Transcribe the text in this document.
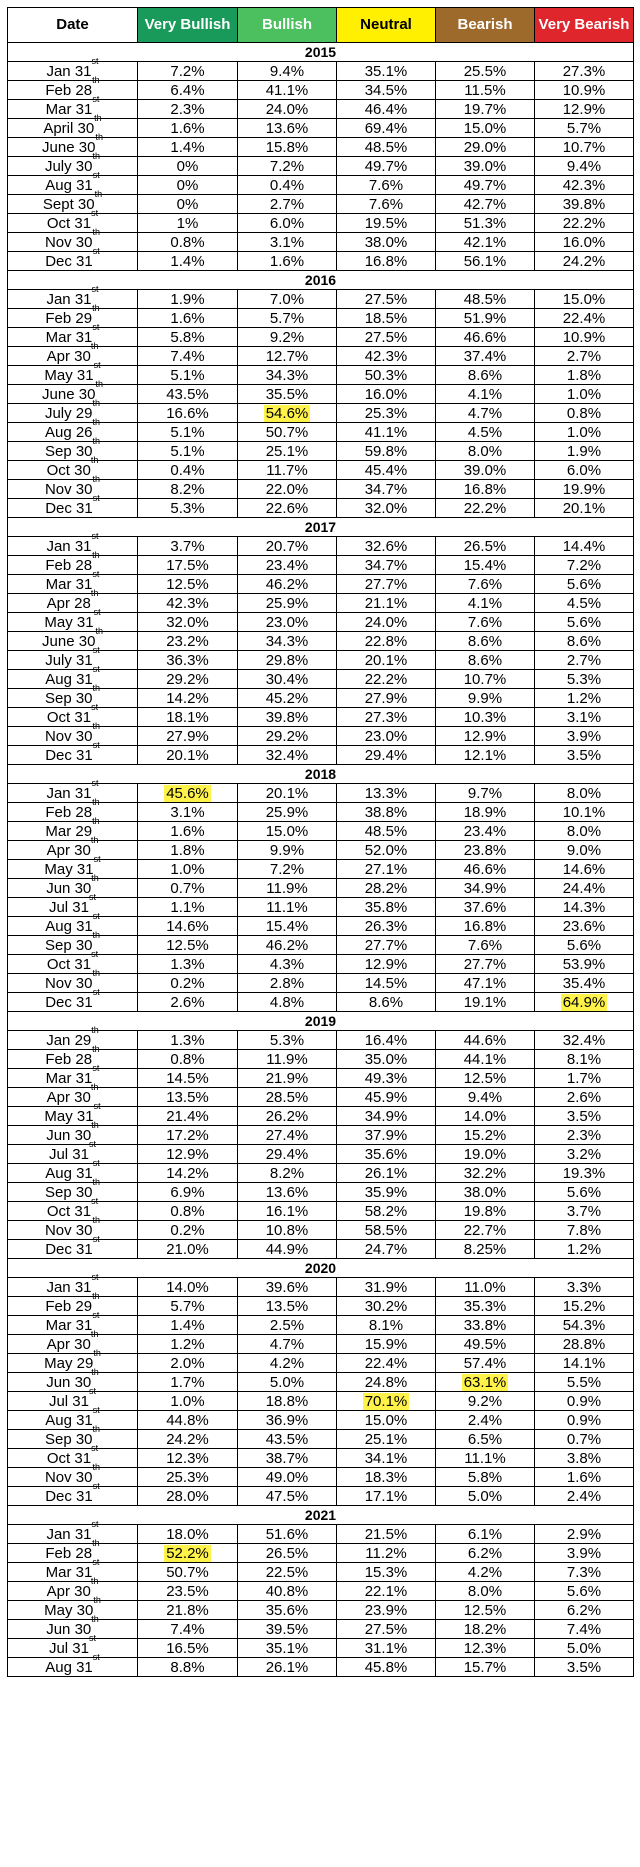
Date	Very Bullish	Bullish	Neutral	Bearish	Very Bearish
2015					
Jan 31st	7.2%	9.4%	35.1%	25.5%	27.3%
Feb 28th	6.4%	41.1%	34.5%	11.5%	10.9%
Mar 31st	2.3%	24.0%	46.4%	19.7%	12.9%
April 30th	1.6%	13.6%	69.4%	15.0%	5.7%
June 30th	1.4%	15.8%	48.5%	29.0%	10.7%
July 30th	0%	7.2%	49.7%	39.0%	9.4%
Aug 31st	0%	0.4%	7.6%	49.7%	42.3%
Sept 30th	0%	2.7%	7.6%	42.7%	39.8%
Oct 31st	1%	6.0%	19.5%	51.3%	22.2%
Nov 30th	0.8%	3.1%	38.0%	42.1%	16.0%
Dec 31st	1.4%	1.6%	16.8%	56.1%	24.2%
2016					
Jan 31st	1.9%	7.0%	27.5%	48.5%	15.0%
Feb 29th	1.6%	5.7%	18.5%	51.9%	22.4%
Mar 31st	5.8%	9.2%	27.5%	46.6%	10.9%
Apr 30th	7.4%	12.7%	42.3%	37.4%	2.7%
May 31st	5.1%	34.3%	50.3%	8.6%	1.8%
June 30th	43.5%	35.5%	16.0%	4.1%	1.0%
July 29th	16.6%	54.6%	25.3%	4.7%	0.8%
Aug 26th	5.1%	50.7%	41.1%	4.5%	1.0%
Sep 30th	5.1%	25.1%	59.8%	8.0%	1.9%
Oct 30th	0.4%	11.7%	45.4%	39.0%	6.0%
Nov 30th	8.2%	22.0%	34.7%	16.8%	19.9%
Dec 31st	5.3%	22.6%	32.0%	22.2%	20.1%
2017					
Jan 31st	3.7%	20.7%	32.6%	26.5%	14.4%
Feb 28th	17.5%	23.4%	34.7%	15.4%	7.2%
Mar 31st	12.5%	46.2%	27.7%	7.6%	5.6%
Apr 28th	42.3%	25.9%	21.1%	4.1%	4.5%
May 31st	32.0%	23.0%	24.0%	7.6%	5.6%
June 30th	23.2%	34.3%	22.8%	8.6%	8.6%
July 31st	36.3%	29.8%	20.1%	8.6%	2.7%
Aug 31st	29.2%	30.4%	22.2%	10.7%	5.3%
Sep 30th	14.2%	45.2%	27.9%	9.9%	1.2%
Oct 31st	18.1%	39.8%	27.3%	10.3%	3.1%
Nov 30th	27.9%	29.2%	23.0%	12.9%	3.9%
Dec 31st	20.1%	32.4%	29.4%	12.1%	3.5%
2018					
Jan 31st	45.6%	20.1%	13.3%	9.7%	8.0%
Feb 28th	3.1%	25.9%	38.8%	18.9%	10.1%
Mar 29th	1.6%	15.0%	48.5%	23.4%	8.0%
Apr 30th	1.8%	9.9%	52.0%	23.8%	9.0%
May 31st	1.0%	7.2%	27.1%	46.6%	14.6%
Jun 30th	0.7%	11.9%	28.2%	34.9%	24.4%
Jul 31st	1.1%	11.1%	35.8%	37.6%	14.3%
Aug 31st	14.6%	15.4%	26.3%	16.8%	23.6%
Sep 30th	12.5%	46.2%	27.7%	7.6%	5.6%
Oct 31st	1.3%	4.3%	12.9%	27.7%	53.9%
Nov 30th	0.2%	2.8%	14.5%	47.1%	35.4%
Dec 31st	2.6%	4.8%	8.6%	19.1%	64.9%
2019					
Jan 29th	1.3%	5.3%	16.4%	44.6%	32.4%
Feb 28th	0.8%	11.9%	35.0%	44.1%	8.1%
Mar 31st	14.5%	21.9%	49.3%	12.5%	1.7%
Apr 30th	13.5%	28.5%	45.9%	9.4%	2.6%
May 31st	21.4%	26.2%	34.9%	14.0%	3.5%
Jun 30th	17.2%	27.4%	37.9%	15.2%	2.3%
Jul 31st	12.9%	29.4%	35.6%	19.0%	3.2%
Aug 31st	14.2%	8.2%	26.1%	32.2%	19.3%
Sep 30th	6.9%	13.6%	35.9%	38.0%	5.6%
Oct 31st	0.8%	16.1%	58.2%	19.8%	3.7%
Nov 30th	0.2%	10.8%	58.5%	22.7%	7.8%
Dec 31st	21.0%	44.9%	24.7%	8.25%	1.2%
2020					
Jan 31st	14.0%	39.6%	31.9%	11.0%	3.3%
Feb 29th	5.7%	13.5%	30.2%	35.3%	15.2%
Mar 31st	1.4%	2.5%	8.1%	33.8%	54.3%
Apr 30th	1.2%	4.7%	15.9%	49.5%	28.8%
May 29th	2.0%	4.2%	22.4%	57.4%	14.1%
Jun 30th	1.7%	5.0%	24.8%	63.1%	5.5%
Jul 31st	1.0%	18.8%	70.1%	9.2%	0.9%
Aug 31st	44.8%	36.9%	15.0%	2.4%	0.9%
Sep 30th	24.2%	43.5%	25.1%	6.5%	0.7%
Oct 31st	12.3%	38.7%	34.1%	11.1%	3.8%
Nov 30th	25.3%	49.0%	18.3%	5.8%	1.6%
Dec 31st	28.0%	47.5%	17.1%	5.0%	2.4%
2021					
Jan 31st	18.0%	51.6%	21.5%	6.1%	2.9%
Feb 28th	52.2%	26.5%	11.2%	6.2%	3.9%
Mar 31st	50.7%	22.5%	15.3%	4.2%	7.3%
Apr 30th	23.5%	40.8%	22.1%	8.0%	5.6%
May 30th	21.8%	35.6%	23.9%	12.5%	6.2%
Jun 30th	7.4%	39.5%	27.5%	18.2%	7.4%
Jul 31st	16.5%	35.1%	31.1%	12.3%	5.0%
Aug 31st	8.8%	26.1%	45.8%	15.7%	3.5%
